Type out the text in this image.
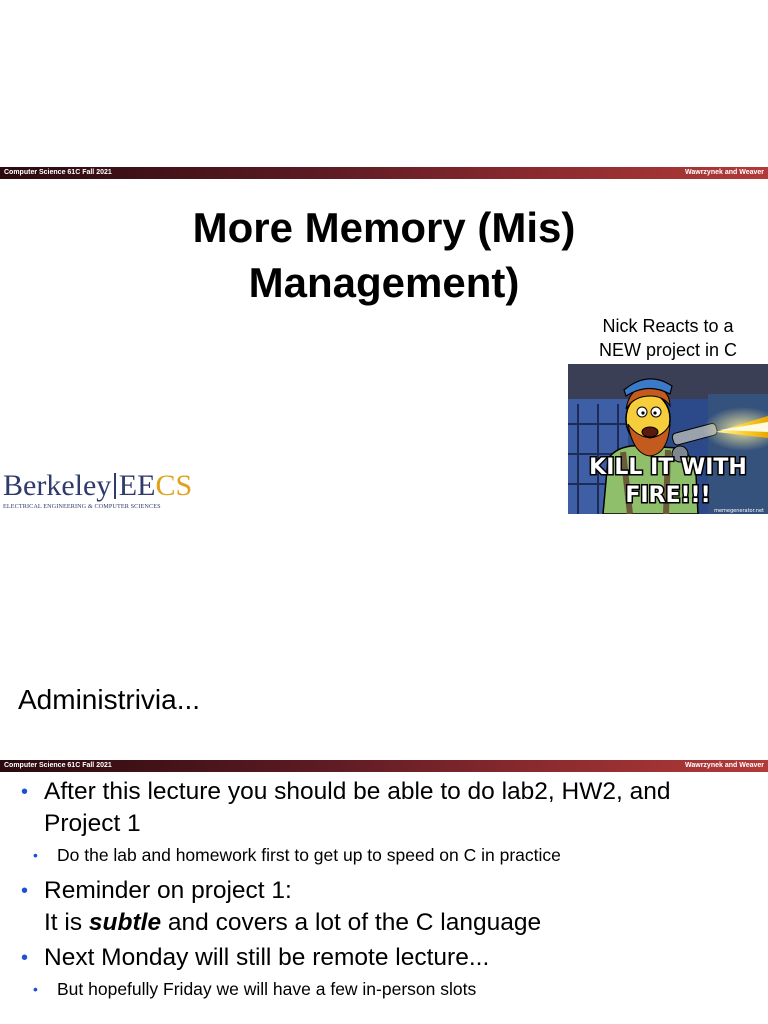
Computer Science 61C Fall 2021	Wawrzynek and Weaver
More Memory (Mis)
Management)
Nick Reacts to a
NEW project in C
KILL IT WITH
FIRE!!!
memegenerator.net
Berkeley EECS
ELECTRICAL ENGINEERING & COMPUTER SCIENCES
Administrivia...
Computer Science 61C Fall 2021	Wawrzynek and Weaver
• After this lecture you should be able to do lab2, HW2, and
Project 1
• Do the lab and homework first to get up to speed on C in practice
• Reminder on project 1:
It is subtle and covers a lot of the C language
• Next Monday will still be remote lecture...
• But hopefully Friday we will have a few in-person slots
